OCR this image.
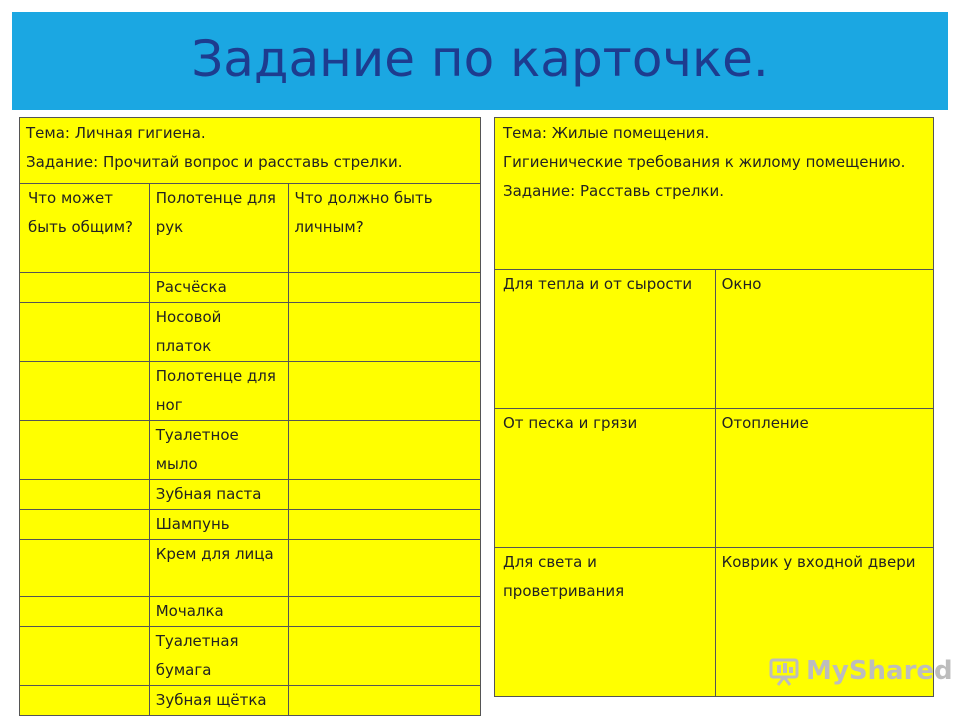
Задание по карточке.
Тема: Личная гигиена.
Задание: Прочитай вопрос и расставь стрелки.		

Что может быть общим?	Полотенце для рук	Что должно быть личным?
	Расчёска	
	Носовой платок	
	Полотенце для ног	
	Туалетное мыло	
	Зубная паста	
	Шампунь	
	Крем для лица	
	Мочалка	
	Туалетная бумага	
	Зубная щётка	
Тема: Жилые помещения.
Гигиенические требования к жилому помещению.
Задание: Расставь стрелки.	

Для тепла и от сырости	Окно
От песка и грязи	Отопление
Для света и проветривания	Коврик у входной двери
MyShared
